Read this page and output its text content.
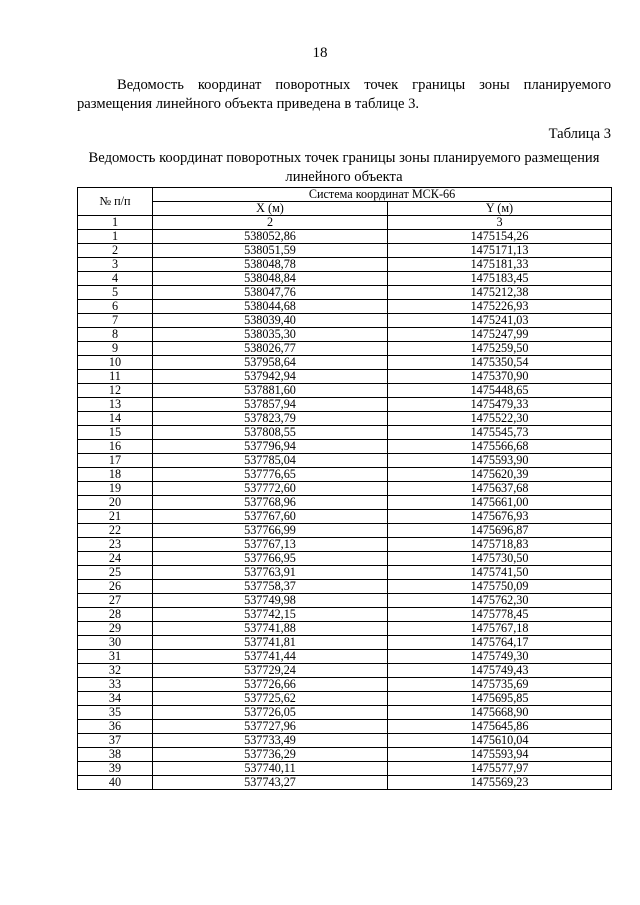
18

Ведомость координат поворотных точек границы зоны планируемого размещения линейного объекта приведена в таблице 3.

Таблица 3

Ведомость координат поворотных точек границы зоны планируемого размещения линейного объекта

№ п/п	Система координат МСК-66	
	X (м)	Y (м)
1	2	3
1	538052,86	1475154,26
2	538051,59	1475171,13
3	538048,78	1475181,33
4	538048,84	1475183,45
5	538047,76	1475212,38
6	538044,68	1475226,93
7	538039,40	1475241,03
8	538035,30	1475247,99
9	538026,77	1475259,50
10	537958,64	1475350,54
11	537942,94	1475370,90
12	537881,60	1475448,65
13	537857,94	1475479,33
14	537823,79	1475522,30
15	537808,55	1475545,73
16	537796,94	1475566,68
17	537785,04	1475593,90
18	537776,65	1475620,39
19	537772,60	1475637,68
20	537768,96	1475661,00
21	537767,60	1475676,93
22	537766,99	1475696,87
23	537767,13	1475718,83
24	537766,95	1475730,50
25	537763,91	1475741,50
26	537758,37	1475750,09
27	537749,98	1475762,30
28	537742,15	1475778,45
29	537741,88	1475767,18
30	537741,81	1475764,17
31	537741,44	1475749,30
32	537729,24	1475749,43
33	537726,66	1475735,69
34	537725,62	1475695,85
35	537726,05	1475668,90
36	537727,96	1475645,86
37	537733,49	1475610,04
38	537736,29	1475593,94
39	537740,11	1475577,97
40	537743,27	1475569,23
